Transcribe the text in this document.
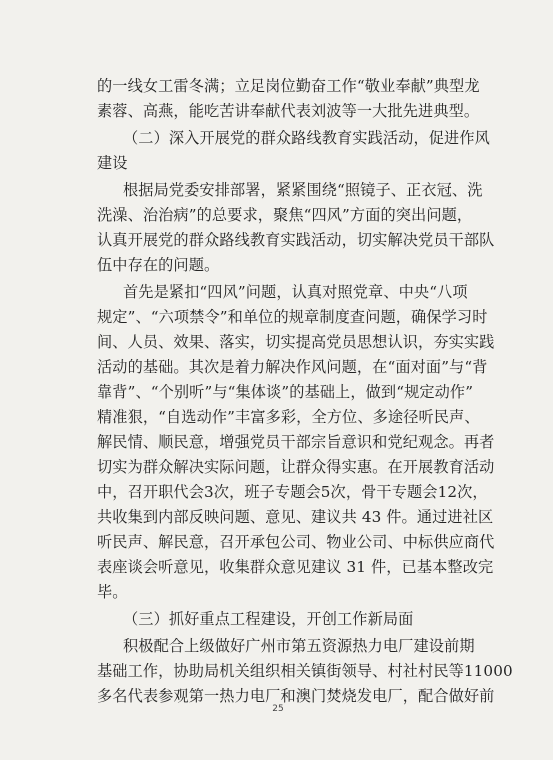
的一线女工雷冬满；立足岗位勤奋工作“敬业奉献”典型龙
素蓉、高燕，能吃苦讲奉献代表刘波等一大批先进典型。
（二）深入开展党的群众路线教育实践活动，促进作风
建设
根据局党委安排部署，紧紧围绕“照镜子、正衣冠、洗
洗澡、治治病”的总要求，聚焦“四风”方面的突出问题，
认真开展党的群众路线教育实践活动，切实解决党员干部队
伍中存在的问题。
首先是紧扣“四风”问题，认真对照党章、中央“八项
规定”、“六项禁令”和单位的规章制度查问题，确保学习时
间、人员、效果、落实，切实提高党员思想认识，夯实实践
活动的基础。其次是着力解决作风问题，在“面对面”与“背
靠背”、“个别听”与“集体谈”的基础上，做到“规定动作”
精准狠，“自选动作”丰富多彩，全方位、多途径听民声、
解民情、顺民意，增强党员干部宗旨意识和党纪观念。再者
切实为群众解决实际问题，让群众得实惠。在开展教育活动
中，召开职代会3次，班子专题会5次，骨干专题会12次，
共收集到内部反映问题、意见、建议共 43 件。通过进社区
听民声、解民意，召开承包公司、物业公司、中标供应商代
表座谈会听意见，收集群众意见建议 31 件，已基本整改完
毕。
（三）抓好重点工程建设，开创工作新局面
积极配合上级做好广州市第五资源热力电厂建设前期
基础工作，协助局机关组织相关镇街领导、村社村民等11000
多名代表参观第一热力电厂和澳门焚烧发电厂，配合做好前
25
